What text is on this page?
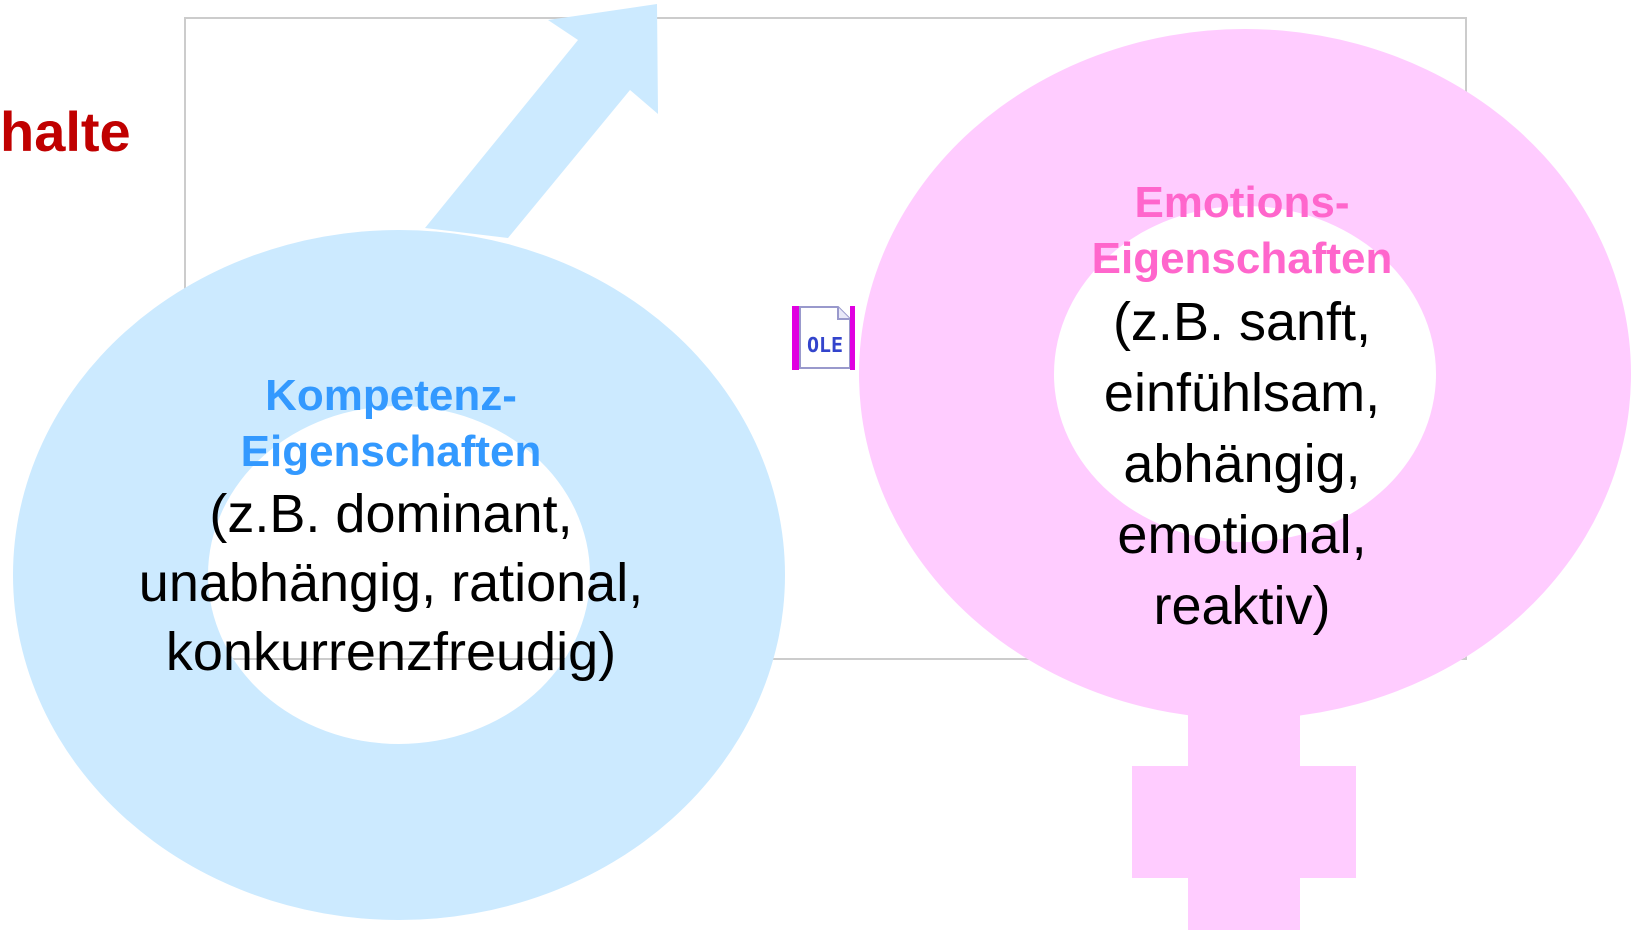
OLE
halte
Kompetenz-
Eigenschaften
(z.B. dominant,
unabhängig, rational,
konkurrenzfreudig)
Emotions-
Eigenschaften
(z.B. sanft,
einfühlsam,
abhängig, emotional,
reaktiv)
